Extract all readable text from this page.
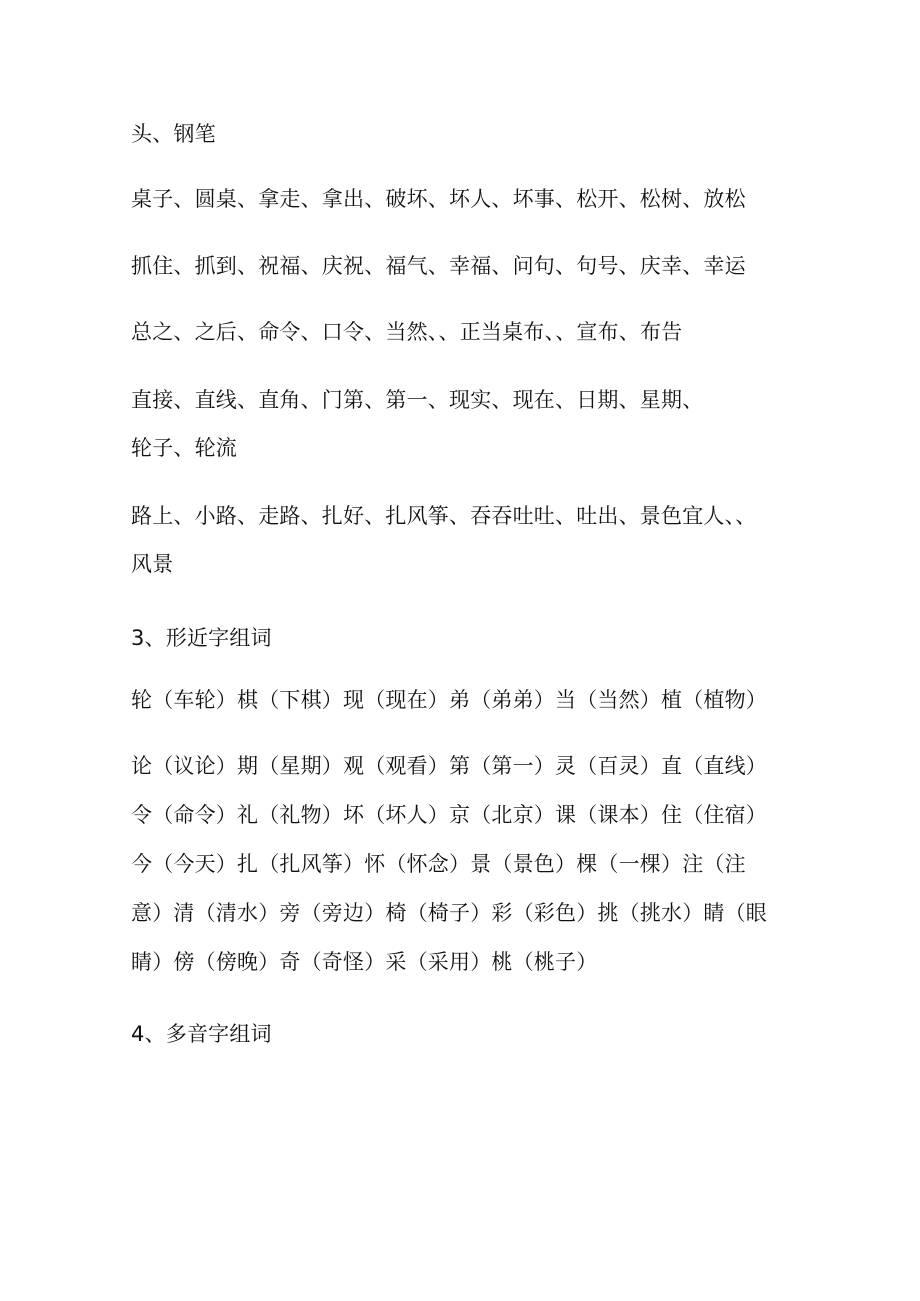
头、钢笔
桌子、圆桌、拿走、拿出、破坏、坏人、坏事、松开、松树、放松
抓住、抓到、祝福、庆祝、福气、幸福、问句、句号、庆幸、幸运
总之、之后、命令、口令、当然、、正当桌布、、宣布、布告
直接、直线、直角、门第、第一、现实、现在、日期、星期、
轮子、轮流
路上、小路、走路、扎好、扎风筝、吞吞吐吐、吐出、景色宜人、、
风景
3、形近字组词
轮（车轮）棋（下棋）现（现在）弟（弟弟）当（当然）植（植物）
论（议论）期（星期）观（观看）第（第一）灵（百灵）直（直线）
令（命令）礼（礼物）坏（坏人）京（北京）课（课本）住（住宿）
今（今天）扎（扎风筝）怀（怀念）景（景色）棵（一棵）注（注
意）清（清水）旁（旁边）椅（椅子）彩（彩色）挑（挑水）睛（眼
睛）傍（傍晚）奇（奇怪）采（采用）桃（桃子）
4、多音字组词
